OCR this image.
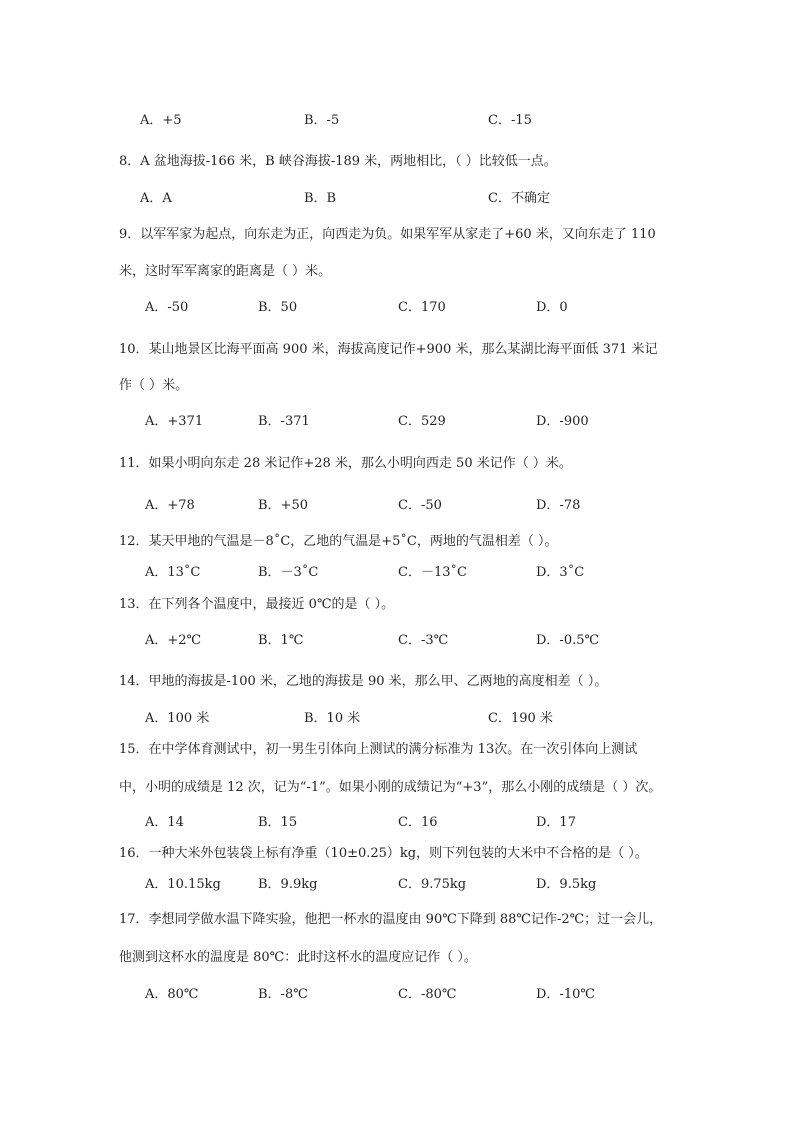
A．+5	B．-5	C．-15
8．A 盆地海拔-166 米，B 峡谷海拔-189 米，两地相比，（ ）比较低一点。
A．A	B．B	C．不确定
9．以军军家为起点，向东走为正，向西走为负。如果军军从家走了+60 米，又向东走了 110
米，这时军军离家的距离是（ ）米。
A．-50	B．50	C．170	D．0
10．某山地景区比海平面高 900 米，海拔高度记作+900 米，那么某湖比海平面低 371 米记
作（ ）米。
A．+371	B．-371	C．529	D．-900
11．如果小明向东走 28 米记作+28 米，那么小明向西走 50 米记作（ ）米。
A．+78	B．+50	C．-50	D．-78
12．某天甲地的气温是－8˚C，乙地的气温是+5˚C，两地的气温相差（ ）。
A．13˚C	B．－3˚C	C．－13˚C	D．3˚C
13．在下列各个温度中，最接近 0℃的是（ ）。
A．+2℃	B．1℃	C．-3℃	D．-0.5℃
14．甲地的海拔是-100 米，乙地的海拔是 90 米，那么甲、乙两地的高度相差（ ）。
A．100 米	B．10 米	C．190 米
15．在中学体育测试中，初一男生引体向上测试的满分标准为 13次。在一次引体向上测试
中，小明的成绩是 12 次，记为“-1”。如果小刚的成绩记为“+3”，那么小刚的成绩是（ ）次。
A．14	B．15	C．16	D．17
16．一种大米外包装袋上标有净重（10±0.25）kg，则下列包装的大米中不合格的是（ ）。
A．10.15kg	B．9.9kg	C．9.75kg	D．9.5kg
17．李想同学做水温下降实验，他把一杯水的温度由 90℃下降到 88℃记作-2℃；过一会儿，
他测到这杯水的温度是 80℃：此时这杯水的温度应记作（ ）。
A．80℃	B．-8℃	C．-80℃	D．-10℃
